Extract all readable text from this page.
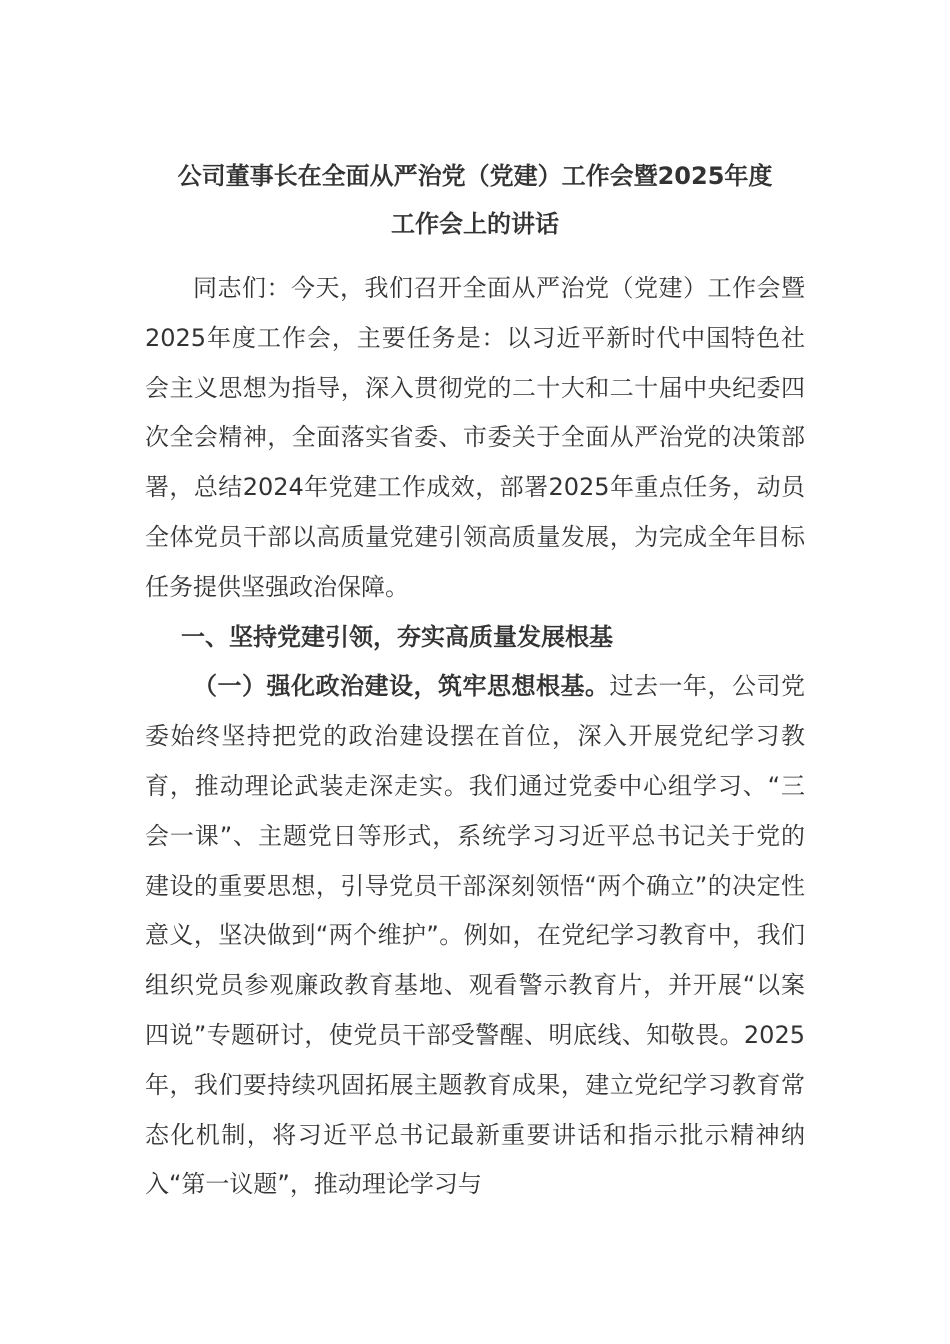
公司董事长在全面从严治党（党建）工作会暨2025年度
工作会上的讲话

同志们：今天，我们召开全面从严治党（党建）工作会暨2025年度工作会，主要任务是：以习近平新时代中国特色社会主义思想为指导，深入贯彻党的二十大和二十届中央纪委四次全会精神，全面落实省委、市委关于全面从严治党的决策部署，总结2024年党建工作成效，部署2025年重点任务，动员全体党员干部以高质量党建引领高质量发展，为完成全年目标任务提供坚强政治保障。

一、坚持党建引领，夯实高质量发展根基

（一）强化政治建设，筑牢思想根基。过去一年，公司党委始终坚持把党的政治建设摆在首位，深入开展党纪学习教育，推动理论武装走深走实。我们通过党委中心组学习、“三会一课”、主题党日等形式，系统学习习近平总书记关于党的建设的重要思想，引导党员干部深刻领悟“两个确立”的决定性意义，坚决做到“两个维护”。例如，在党纪学习教育中，我们组织党员参观廉政教育基地、观看警示教育片，并开展“以案四说”专题研讨，使党员干部受警醒、明底线、知敬畏。2025年，我们要持续巩固拓展主题教育成果，建立党纪学习教育常态化机制，将习近平总书记最新重要讲话和指示批示精神纳入“第一议题”，推动理论学习与
